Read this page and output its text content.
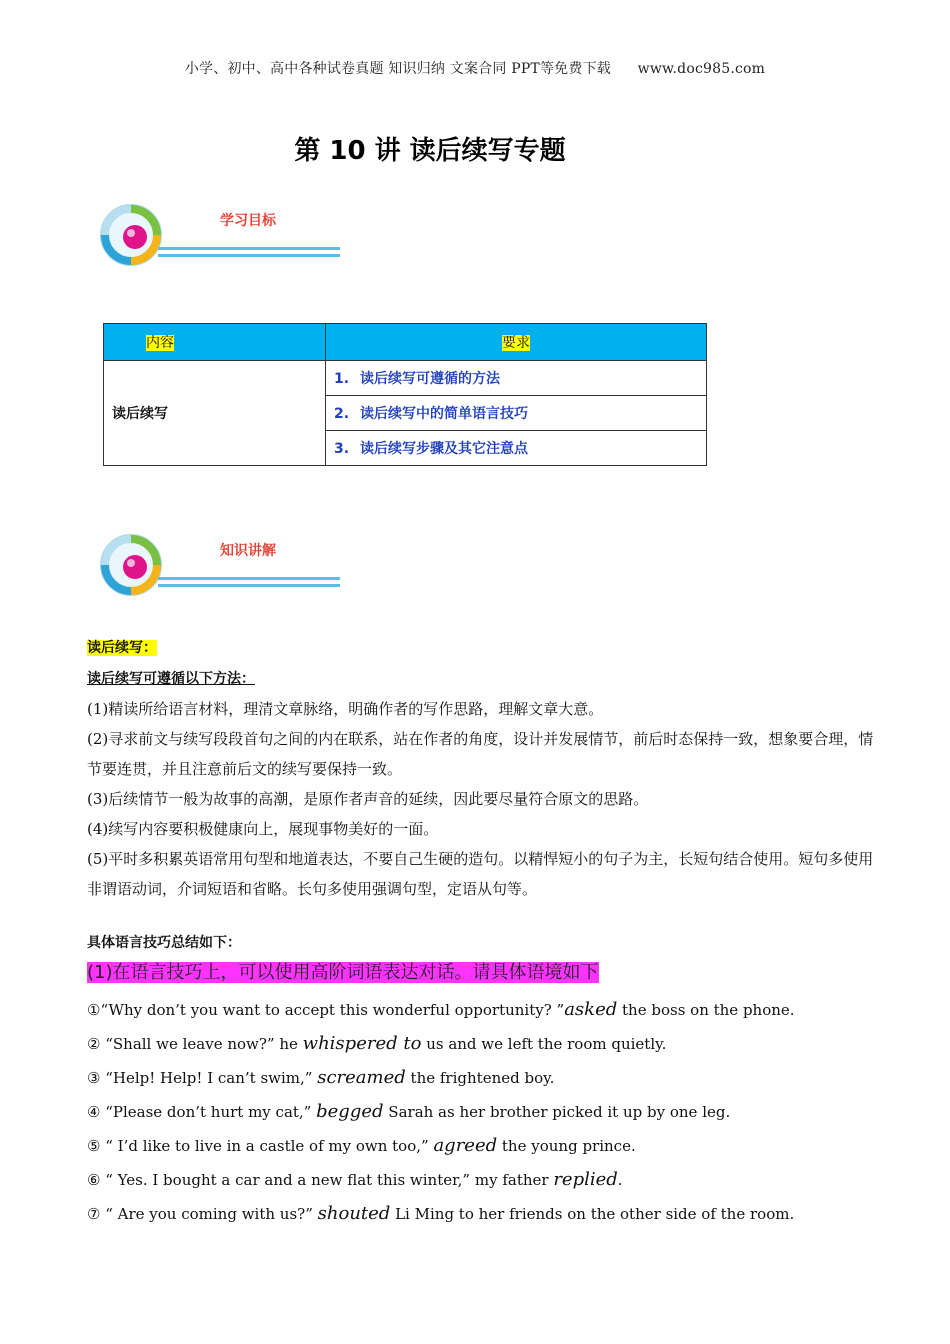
小学、初中、高中各种试卷真题 知识归纳 文案合同 PPT等免费下载 www.doc985.com
第 10 讲 读后续写专题
学习目标
内容	要求
读后续写	1. 读后续写可遵循的方法
	2. 读后续写中的简单语言技巧
	3. 读后续写步骤及其它注意点
知识讲解

读后续写：

读后续写可遵循以下方法：

(1)精读所给语言材料，理清文章脉络，明确作者的写作思路，理解文章大意。

(2)寻求前文与续写段段首句之间的内在联系，站在作者的角度，设计并发展情节，前后时态保持一致，想象要合理，情节要连贯，并且注意前后文的续写要保持一致。

(3)后续情节一般为故事的高潮，是原作者声音的延续，因此要尽量符合原文的思路。

(4)续写内容要积极健康向上，展现事物美好的一面。

(5)平时多积累英语常用句型和地道表达，不要自己生硬的造句。以精悍短小的句子为主，长短句结合使用。短句多使用非谓语动词，介词短语和省略。长句多使用强调句型，定语从句等。

具体语言技巧总结如下：

(1)在语言技巧上，可以使用高阶词语表达对话。请具体语境如下

①“Why don’t you want to accept this wonderful opportunity? ”asked the boss on the phone.

② “Shall we leave now?” he whispered to us and we left the room quietly.

③ “Help! Help! I can’t swim,” screamed the frightened boy.

④ “Please don’t hurt my cat,” begged Sarah as her brother picked it up by one leg.

⑤ “ I’d like to live in a castle of my own too,” agreed the young prince.

⑥ “ Yes. I bought a car and a new flat this winter,” my father replied.

⑦ “ Are you coming with us?” shouted Li Ming to her friends on the other side of the room.
